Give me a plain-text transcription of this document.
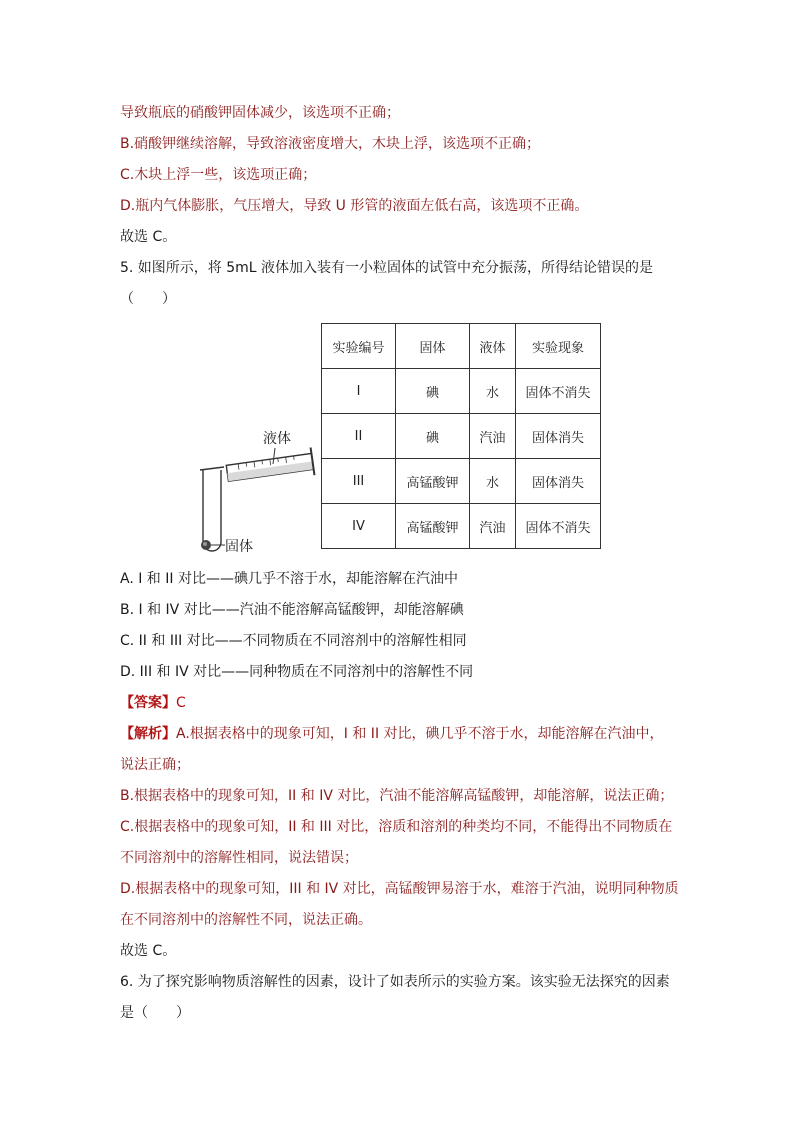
导致瓶底的硝酸钾固体减少，该选项不正确；
B.硝酸钾继续溶解，导致溶液密度增大，木块上浮，该选项不正确；
C.木块上浮一些，该选项正确；
D.瓶内气体膨胀，气压增大，导致 U 形管的液面左低右高，该选项不正确。
故选 C。
5. 如图所示，将 5mL 液体加入装有一小粒固体的试管中充分振荡，所得结论错误的是
（　　）
液体
固体
实验编号	固体	液体	实验现象
I	碘	水	固体不消失
II	碘	汽油	固体消失
III	高锰酸钾	水	固体消失
IV	高锰酸钾	汽油	固体不消失
A. I 和 II 对比——碘几乎不溶于水，却能溶解在汽油中
B. I 和 IV 对比——汽油不能溶解高锰酸钾，却能溶解碘
C. II 和 III 对比——不同物质在不同溶剂中的溶解性相同
D. III 和 IV 对比——同种物质在不同溶剂中的溶解性不同
【答案】C
【解析】A.根据表格中的现象可知，I 和 II 对比，碘几乎不溶于水，却能溶解在汽油中，
说法正确；
B.根据表格中的现象可知，II 和 IV 对比，汽油不能溶解高锰酸钾，却能溶解，说法正确；
C.根据表格中的现象可知，II 和 III 对比，溶质和溶剂的种类均不同，不能得出不同物质在
不同溶剂中的溶解性相同，说法错误；
D.根据表格中的现象可知，III 和 IV 对比，高锰酸钾易溶于水，难溶于汽油，说明同种物质
在不同溶剂中的溶解性不同，说法正确。
故选 C。
6. 为了探究影响物质溶解性的因素，设计了如表所示的实验方案。该实验无法探究的因素
是（　　）
